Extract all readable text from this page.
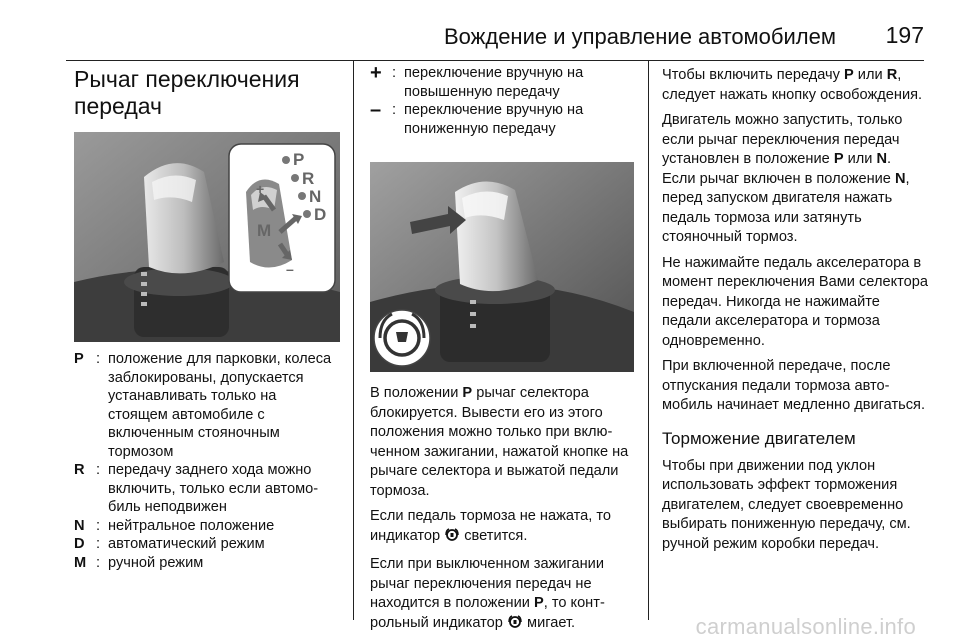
Вождение и управление автомобилем 197
Рычаг переключения передач
P
R
N
D
M
+
–
P : положение для парковки, колеса заблокированы, допускается устанавливать только на стоящем автомобиле с включенным стояночным тормозом
R : передачу заднего хода можно включить, только если автомобиль неподвижен
N : нейтральное положение
D : автоматический режим
M : ручной режим
+ : переключение вручную на повышенную передачу
– : переключение вручную на пониженную передачу

В положении P рычаг селектора блокируется. Вывести его из этого положения можно только при включенном зажигании, нажатой кнопке на рычаге селектора и выжатой педали тормоза.

Если педаль тормоза не нажата, то индикатор  светится.

Если при выключенном зажигании рычаг переключения передач не находится в положении P, то контрольный индикатор  мигает.

Чтобы включить передачу P или R, следует нажать кнопку освобождения.

Двигатель можно запустить, только если рычаг переключения передач установлен в положение P или N. Если рычаг включен в положение N, перед запуском двигателя нажать педаль тормоза или затянуть стояночный тормоз.

Не нажимайте педаль акселератора в момент переключения Вами селектора передач. Никогда не нажимайте педали акселератора и тормоза одновременно.

При включенной передаче, после отпускания педали тормоза автомобиль начинает медленно двигаться.

Торможение двигателем

Чтобы при движении под уклон использовать эффект торможения двигателем, следует своевременно выбирать пониженную передачу, см. ручной режим коробки передач.

carmanualsonline.info
